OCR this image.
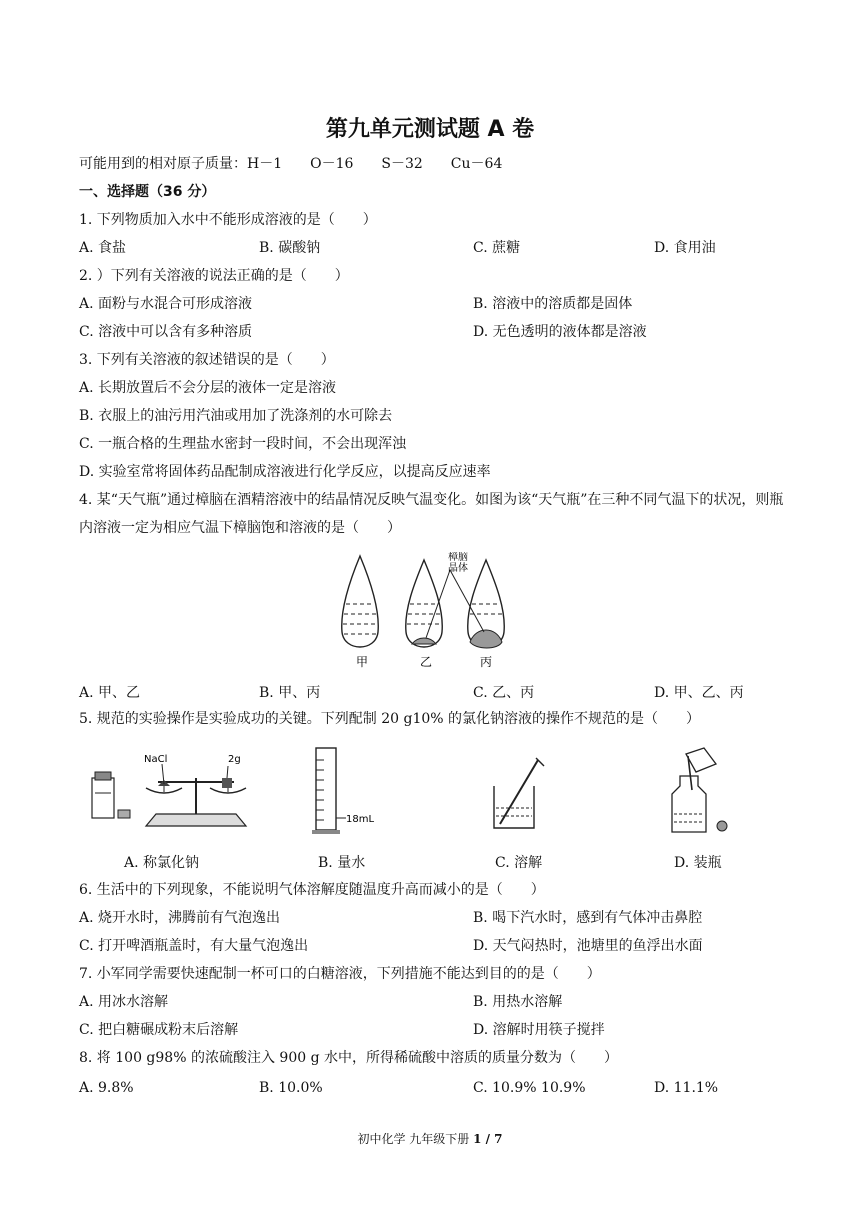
第九单元测试题 A 卷
可能用到的相对原子质量：H－1　　O－16　　S－32　　Cu－64
一、选择题（36 分）
1. 下列物质加入水中不能形成溶液的是（　　）
A. 食盐	B. 碳酸钠	C. 蔗糖	D. 食用油
2. ）下列有关溶液的说法正确的是（　　）
A. 面粉与水混合可形成溶液	B. 溶液中的溶质都是固体
C. 溶液中可以含有多种溶质	D. 无色透明的液体都是溶液
3. 下列有关溶液的叙述错误的是（　　）
A. 长期放置后不会分层的液体一定是溶液
B. 衣服上的油污用汽油或用加了洗涤剂的水可除去
C. 一瓶合格的生理盐水密封一段时间，不会出现浑浊
D. 实验室常将固体药品配制成溶液进行化学反应，以提高反应速率
4. 某“天气瓶”通过樟脑在酒精溶液中的结晶情况反映气温变化。如图为该“天气瓶”在三种不同气温下的状况，则瓶内溶液一定为相应气温下樟脑饱和溶液的是（　　）
樟脑
晶体
甲	乙	丙
A. 甲、乙	B. 甲、丙	C. 乙、丙	D. 甲、乙、丙
5. 规范的实验操作是实验成功的关键。下列配制 20 g10% 的氯化钠溶液的操作不规范的是（　　）
NaCl	2g
18mL
A. 称氯化钠	B. 量水	C. 溶解	D. 装瓶
6. 生活中的下列现象，不能说明气体溶解度随温度升高而减小的是（　　）
A. 烧开水时，沸腾前有气泡逸出	B. 喝下汽水时，感到有气体冲击鼻腔
C. 打开啤酒瓶盖时，有大量气泡逸出	D. 天气闷热时，池塘里的鱼浮出水面
7. 小军同学需要快速配制一杯可口的白糖溶液，下列措施不能达到目的的是（　　）
A. 用冰水溶解	B. 用热水溶解
C. 把白糖碾成粉末后溶解	D. 溶解时用筷子搅拌
8. 将 100 g98% 的浓硫酸注入 900 g 水中，所得稀硫酸中溶质的质量分数为（　　）
A. 9.8%	B. 10.0%	C. 10.9% 10.9%	D. 11.1%
初中化学 九年级下册 1 / 7
